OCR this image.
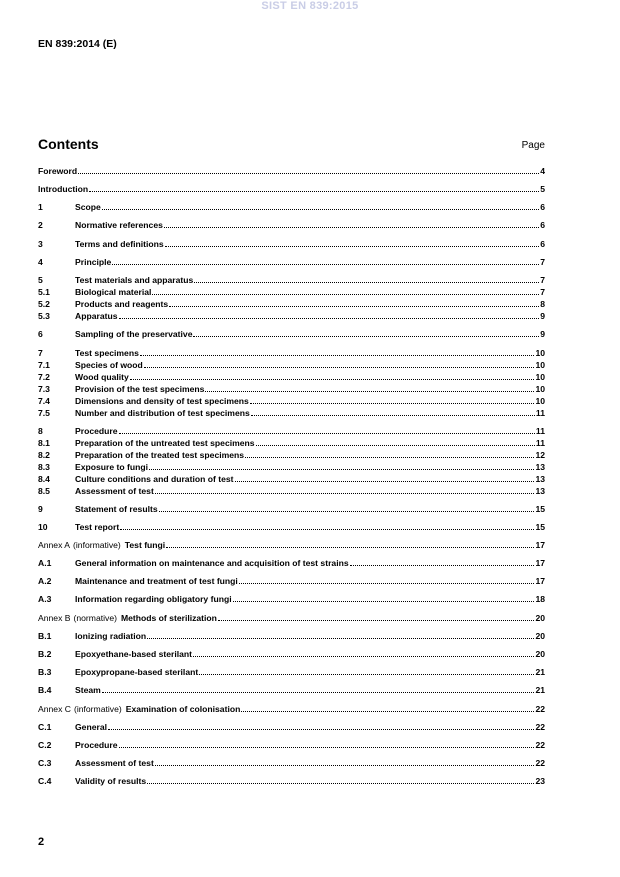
SIST EN 839:2015
EN 839:2014 (E)
Contents	Page
Foreword	4
Introduction	5
1	Scope	6
2	Normative references	6
3	Terms and definitions	6
4	Principle	7
5	Test materials and apparatus	7
5.1	Biological material	7
5.2	Products and reagents	8
5.3	Apparatus	9
6	Sampling of the preservative	9
7	Test specimens	10
7.1	Species of wood	10
7.2	Wood quality	10
7.3	Provision of the test specimens	10
7.4	Dimensions and density of test specimens	10
7.5	Number and distribution of test specimens	11
8	Procedure	11
8.1	Preparation of the untreated test specimens	11
8.2	Preparation of the treated test specimens	12
8.3	Exposure to fungi	13
8.4	Culture conditions and duration of test	13
8.5	Assessment of test	13
9	Statement of results	15
10	Test report	15
Annex A (informative) Test fungi	17
A.1	General information on maintenance and acquisition of test strains	17
A.2	Maintenance and treatment of test fungi	17
A.3	Information regarding obligatory fungi	18
Annex B (normative) Methods of sterilization	20
B.1	Ionizing radiation	20
B.2	Epoxyethane-based sterilant	20
B.3	Epoxypropane-based sterilant	21
B.4	Steam	21
Annex C (informative) Examination of colonisation	22
C.1	General	22
C.2	Procedure	22
C.3	Assessment of test	22
C.4	Validity of results	23
2
